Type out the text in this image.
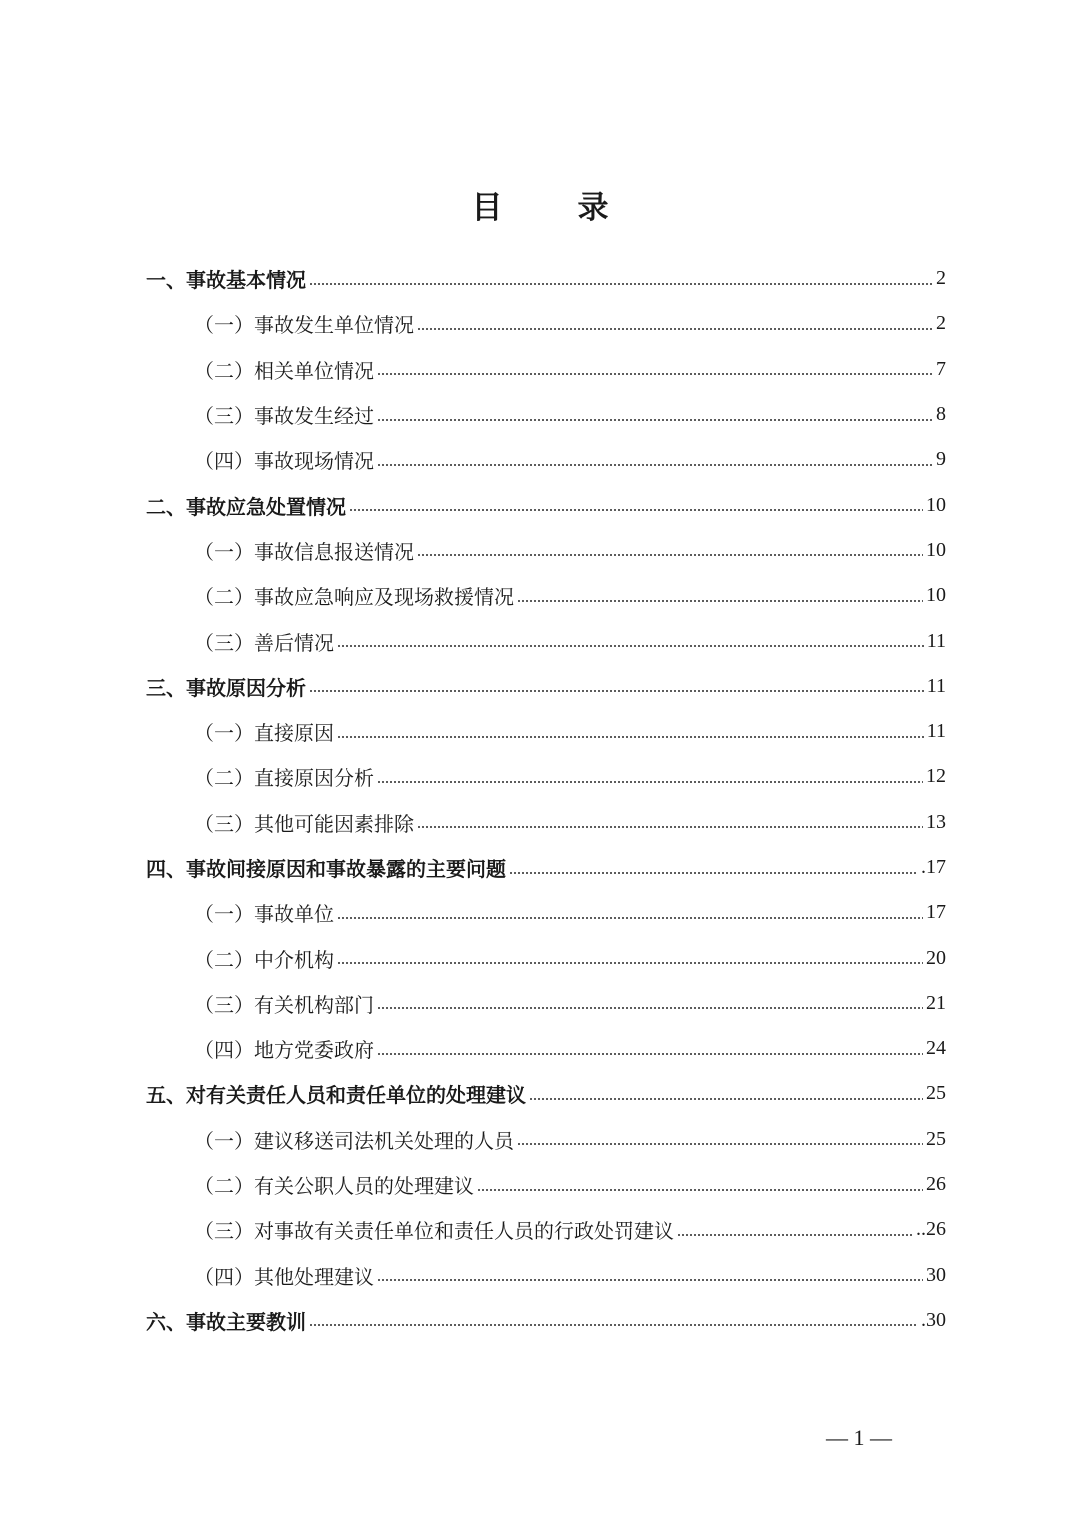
目　录
一、事故基本情况	2
（一）事故发生单位情况	2
（二）相关单位情况	7
（三）事故发生经过	8
（四）事故现场情况	9
二、事故应急处置情况	10
（一）事故信息报送情况	10
（二）事故应急响应及现场救援情况	10
（三）善后情况	11
三、事故原因分析	11
（一）直接原因	11
（二）直接原因分析	12
（三）其他可能因素排除	13
四、事故间接原因和事故暴露的主要问题	.17
（一）事故单位	17
（二）中介机构	20
（三）有关机构部门	21
（四）地方党委政府	24
五、对有关责任人员和责任单位的处理建议	25
（一）建议移送司法机关处理的人员	25
（二）有关公职人员的处理建议	26
（三）对事故有关责任单位和责任人员的行政处罚建议	..26
（四）其他处理建议	30
六、事故主要教训	.30
— 1 —
